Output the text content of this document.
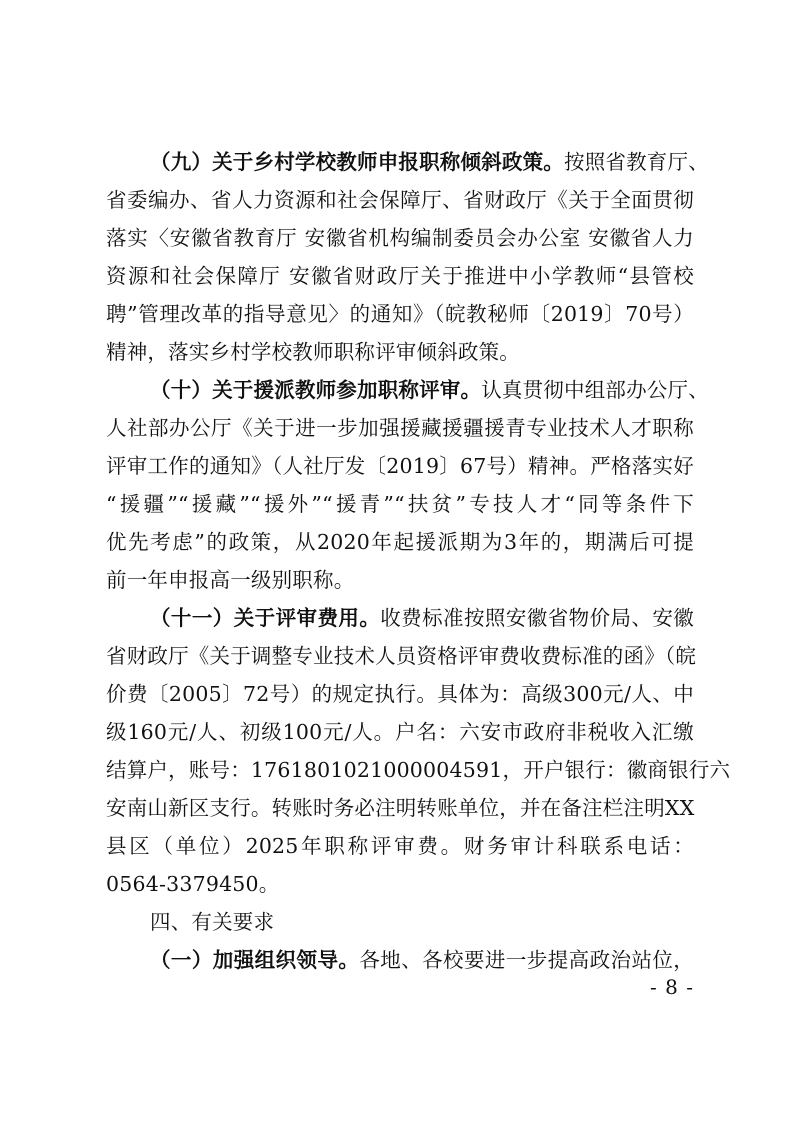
（九）关于乡村学校教师申报职称倾斜政策。按照省教育厅、
省委编办、省人力资源和社会保障厅、省财政厅《关于全面贯彻
落实〈安徽省教育厅 安徽省机构编制委员会办公室 安徽省人力
资源和社会保障厅 安徽省财政厅关于推进中小学教师“县管校
聘”管理改革的指导意见〉的通知》（皖教秘师〔2019〕70号）
精神，落实乡村学校教师职称评审倾斜政策。
（十）关于援派教师参加职称评审。认真贯彻中组部办公厅、
人社部办公厅《关于进一步加强援藏援疆援青专业技术人才职称
评审工作的通知》（人社厅发〔2019〕67号）精神。严格落实好
“援疆”“援藏”“援外”“援青”“扶贫”专技人才“同等条件下
优先考虑”的政策，从2020年起援派期为3年的，期满后可提
前一年申报高一级别职称。
（十一）关于评审费用。收费标准按照安徽省物价局、安徽
省财政厅《关于调整专业技术人员资格评审费收费标准的函》（皖
价费〔2005〕72号）的规定执行。具体为：高级300元/人、中
级160元/人、初级100元/人。户名：六安市政府非税收入汇缴
结算户，账号：1761801021000004591，开户银行：徽商银行六
安南山新区支行。转账时务必注明转账单位，并在备注栏注明XX
县区（单位）2025年职称评审费。财务审计科联系电话：
0564-3379450。
四、有关要求
（一）加强组织领导。各地、各校要进一步提高政治站位，
- 8 -
